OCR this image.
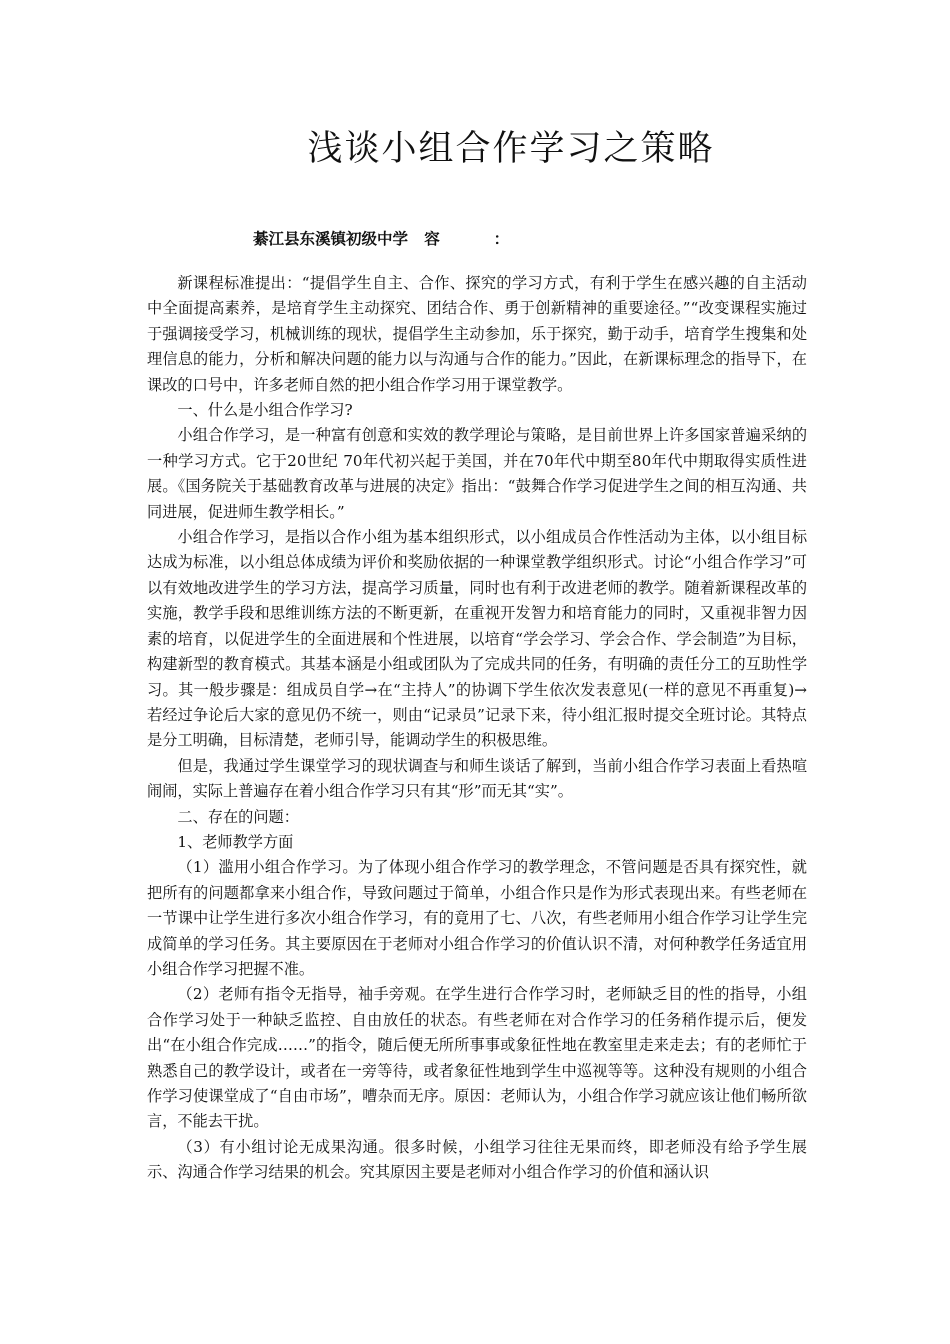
浅谈小组合作学习之策略
綦江县东溪镇初级中学   容          ：

新课程标准提出：“提倡学生自主、合作、探究的学习方式，有利于学生在感兴趣的自主活动中全面提高素养，是培育学生主动探究、团结合作、勇于创新精神的重要途径。”“改变课程实施过于强调接受学习，机械训练的现状，提倡学生主动参加，乐于探究，勤于动手，培育学生搜集和处理信息的能力，分析和解决问题的能力以与沟通与合作的能力。”因此，在新课标理念的指导下，在课改的口号中，许多老师自然的把小组合作学习用于课堂教学。

一、什么是小组合作学习?

小组合作学习，是一种富有创意和实效的教学理论与策略，是目前世界上许多国家普遍采纳的一种学习方式。它于20世纪 70年代初兴起于美国，并在70年代中期至80年代中期取得实质性进展。《国务院关于基础教育改革与进展的决定》指出：“鼓舞合作学习促进学生之间的相互沟通、共同进展，促进师生教学相长。”

小组合作学习，是指以合作小组为基本组织形式，以小组成员合作性活动为主体，以小组目标达成为标准，以小组总体成绩为评价和奖励依据的一种课堂教学组织形式。讨论“小组合作学习”可以有效地改进学生的学习方法，提高学习质量，同时也有利于改进老师的教学。随着新课程改革的实施，教学手段和思维训练方法的不断更新，在重视开发智力和培育能力的同时，又重视非智力因素的培育，以促进学生的全面进展和个性进展，以培育“学会学习、学会合作、学会制造”为目标，构建新型的教育模式。其基本涵是小组或团队为了完成共同的任务，有明确的责任分工的互助性学习。其一般步骤是：组成员自学→在“主持人”的协调下学生依次发表意见(一样的意见不再重复)→若经过争论后大家的意见仍不统一，则由“记录员”记录下来，待小组汇报时提交全班讨论。其特点是分工明确，目标清楚，老师引导，能调动学生的积极思维。

但是，我通过学生课堂学习的现状调查与和师生谈话了解到，当前小组合作学习表面上看热喧闹闹，实际上普遍存在着小组合作学习只有其“形”而无其“实”。

二、存在的问题：

1、老师教学方面

（1）滥用小组合作学习。为了体现小组合作学习的教学理念，不管问题是否具有探究性，就把所有的问题都拿来小组合作，导致问题过于简单，小组合作只是作为形式表现出来。有些老师在一节课中让学生进行多次小组合作学习，有的竟用了七、八次，有些老师用小组合作学习让学生完成简单的学习任务。其主要原因在于老师对小组合作学习的价值认识不清，对何种教学任务适宜用小组合作学习把握不准。

（2）老师有指令无指导，袖手旁观。在学生进行合作学习时，老师缺乏目的性的指导，小组合作学习处于一种缺乏监控、自由放任的状态。有些老师在对合作学习的任务稍作提示后，便发出“在小组合作完成……”的指令，随后便无所所事事或象征性地在教室里走来走去；有的老师忙于熟悉自己的教学设计，或者在一旁等待，或者象征性地到学生中巡视等等。这种没有规则的小组合作学习使课堂成了“自由市场”，嘈杂而无序。原因：老师认为，小组合作学习就应该让他们畅所欲言，不能去干扰。

（3）有小组讨论无成果沟通。很多时候，小组学习往往无果而终，即老师没有给予学生展示、沟通合作学习结果的机会。究其原因主要是老师对小组合作学习的价值和涵认识
